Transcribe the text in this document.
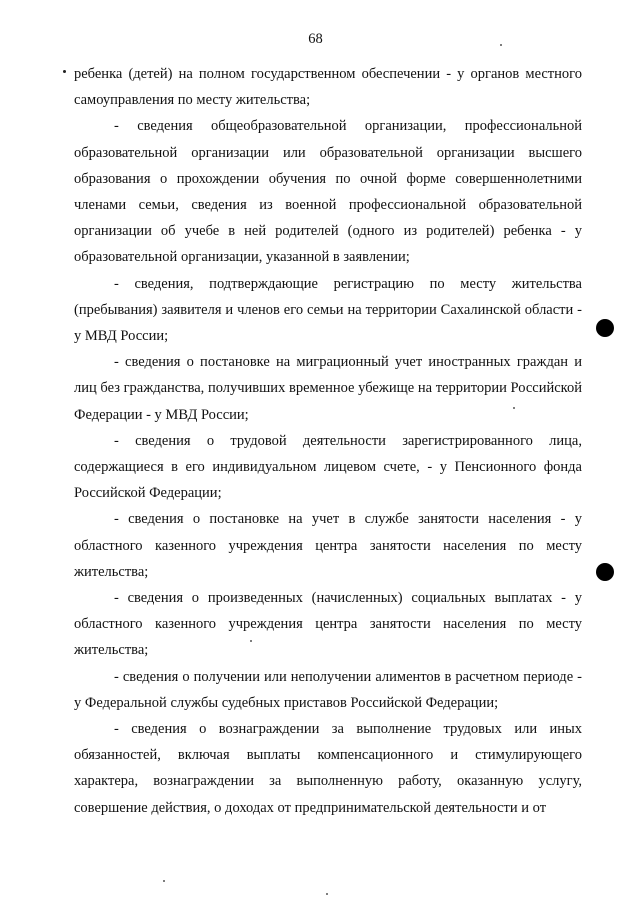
68

ребенка (детей) на полном государственном обеспечении - у органов местного самоуправления по месту жительства;

- сведения общеобразовательной организации, профессиональной образовательной организации или образовательной организации высшего образования о прохождении обучения по очной форме совершеннолетними членами семьи, сведения из военной профессиональной образовательной организации об учебе в ней родителей (одного из родителей) ребенка - у образовательной организации, указанной в заявлении;

- сведения, подтверждающие регистрацию по месту жительства (пребывания) заявителя и членов его семьи на территории Сахалинской области - у МВД России;

- сведения о постановке на миграционный учет иностранных граждан и лиц без гражданства, получивших временное убежище на территории Российской Федерации - у МВД России;

- сведения о трудовой деятельности зарегистрированного лица, содержащиеся в его индивидуальном лицевом счете, - у Пенсионного фонда Российской Федерации;

- сведения о постановке на учет в службе занятости населения - у областного казенного учреждения центра занятости населения по месту жительства;

- сведения о произведенных (начисленных) социальных выплатах - у областного казенного учреждения центра занятости населения по месту жительства;

- сведения о получении или неполучении алиментов в расчетном периоде - у Федеральной службы судебных приставов Российской Федерации;

- сведения о вознаграждении за выполнение трудовых или иных обязанностей, включая выплаты компенсационного и стимулирующего характера, вознаграждении за выполненную работу, оказанную услугу, совершение действия, о доходах от предпринимательской деятельности и от
